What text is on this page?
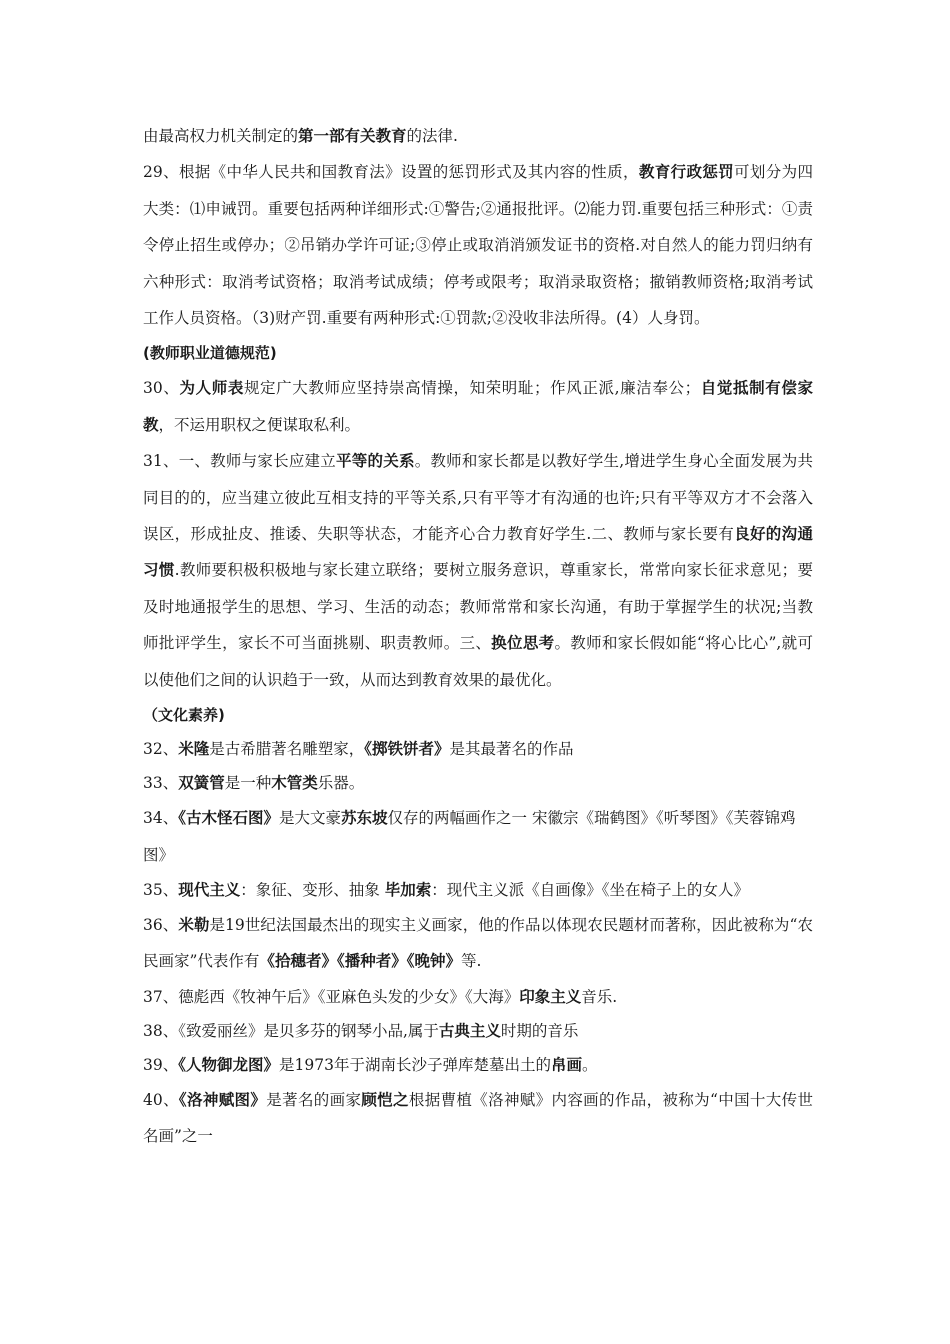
由最高权力机关制定的第一部有关教育的法律.

29、根据《中华人民共和国教育法》设置的惩罚形式及其内容的性质，教育行政惩罚可划分为四大类：⑴申诫罚。重要包括两种详细形式:①警告;②通报批评。⑵能力罚.重要包括三种形式：①责令停止招生或停办；②吊销办学许可证;③停止或取消消颁发证书的资格.对自然人的能力罚归纳有六种形式：取消考试资格；取消考试成绩；停考或限考；取消录取资格；撤销教师资格;取消考试工作人员资格。（3)财产罚.重要有两种形式:①罚款;②没收非法所得。(4）人身罚。

(教师职业道德规范)

30、为人师表规定广大教师应坚持崇高情操，知荣明耻；作风正派,廉洁奉公；自觉抵制有偿家教，不运用职权之便谋取私利。

31、一、教师与家长应建立平等的关系。教师和家长都是以教好学生,增进学生身心全面发展为共同目的的，应当建立彼此互相支持的平等关系,只有平等才有沟通的也许;只有平等双方才不会落入误区，形成扯皮、推诿、失职等状态，才能齐心合力教育好学生.二、教师与家长要有良好的沟通习惯.教师要积极积极地与家长建立联络；要树立服务意识，尊重家长，常常向家长征求意见；要及时地通报学生的思想、学习、生活的动态；教师常常和家长沟通，有助于掌握学生的状况;当教师批评学生，家长不可当面挑剔、职责教师。三、换位思考。教师和家长假如能“将心比心”,就可以使他们之间的认识趋于一致，从而达到教育效果的最优化。

（文化素养)

32、米隆是古希腊著名雕塑家，《掷铁饼者》是其最著名的作品

33、双簧管是一种木管类乐器。

34、《古木怪石图》是大文豪苏东坡仅存的两幅画作之一 宋徽宗《瑞鹤图》《听琴图》《芙蓉锦鸡图》

35、现代主义：象征、变形、抽象 毕加索：现代主义派《自画像》《坐在椅子上的女人》

36、米勒是19世纪法国最杰出的现实主义画家，他的作品以体现农民题材而著称，因此被称为“农民画家”代表作有《拾穗者》《播种者》《晚钟》等.

37、德彪西《牧神午后》《亚麻色头发的少女》《大海》印象主义音乐.

38、《致爱丽丝》是贝多芬的钢琴小品,属于古典主义时期的音乐

39、《人物御龙图》是1973年于湖南长沙子弹库楚墓出土的帛画。

40、《洛神赋图》是著名的画家顾恺之根据曹植《洛神赋》内容画的作品，被称为“中国十大传世名画”之一
